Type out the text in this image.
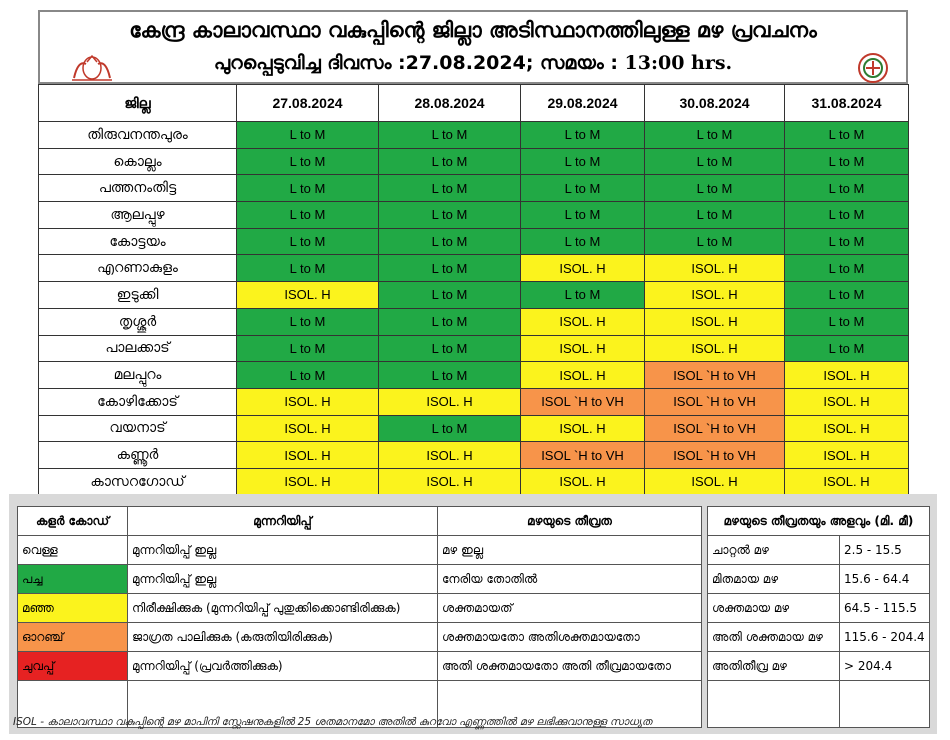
കേന്ദ്ര കാലാവസ്ഥാ വകുപ്പിന്റെ ജില്ലാ അടിസ്ഥാനത്തിലുള്ള മഴ പ്രവചനം
പുറപ്പെടുവിച്ച ദിവസം :27.08.2024; സമയം : 13:00 hrs.
ജില്ല	27.08.2024	28.08.2024	29.08.2024	30.08.2024	31.08.2024
തിരുവനന്തപുരം	L to M	L to M	L to M	L to M	L to M
കൊല്ലം	L to M	L to M	L to M	L to M	L to M
പത്തനംതിട്ട	L to M	L to M	L to M	L to M	L to M
ആലപ്പുഴ	L to M	L to M	L to M	L to M	L to M
കോട്ടയം	L to M	L to M	L to M	L to M	L to M
എറണാകുളം	L to M	L to M	ISOL. H	ISOL. H	L to M
ഇടുക്കി	ISOL. H	L to M	L to M	ISOL. H	L to M
തൃശ്ശൂർ	L to M	L to M	ISOL. H	ISOL. H	L to M
പാലക്കാട്	L to M	L to M	ISOL. H	ISOL. H	L to M
മലപ്പുറം	L to M	L to M	ISOL. H	ISOL `H to VH	ISOL. H
കോഴിക്കോട്	ISOL. H	ISOL. H	ISOL `H to VH	ISOL `H to VH	ISOL. H
വയനാട്	ISOL. H	L to M	ISOL. H	ISOL `H to VH	ISOL. H
കണ്ണൂർ	ISOL. H	ISOL. H	ISOL `H to VH	ISOL `H to VH	ISOL. H
കാസറഗോഡ്	ISOL. H	ISOL. H	ISOL. H	ISOL. H	ISOL. H
കളർ കോഡ്	മുന്നറിയിപ്പ്	മഴയുടെ തീവ്രത
വെള്ള	മുന്നറിയിപ്പ് ഇല്ല	മഴ ഇല്ല
പച്ച	മുന്നറിയിപ്പ് ഇല്ല	നേരിയ തോതിൽ
മഞ്ഞ	നിരീക്ഷിക്കുക (മുന്നറിയിപ്പ് പുതുക്കിക്കൊണ്ടിരിക്കുക)	ശക്തമായത്
ഓറഞ്ച്	ജാഗ്രത പാലിക്കുക (കരുതിയിരിക്കുക)	ശക്തമായതോ അതിശക്തമായതോ
ചുവപ്പ്	മുന്നറിയിപ്പ് (പ്രവർത്തിക്കുക)	അതി ശക്തമായതോ അതി തീവ്രമായതോ

മഴയുടെ തീവ്രതയും അളവും (മി. മീ)	
ചാറ്റൽ മഴ	2.5 - 15.5
മിതമായ മഴ	15.6 - 64.4
ശക്തമായ മഴ	64.5 - 115.5
അതി ശക്തമായ മഴ	115.6 - 204.4
അതിതീവ്ര മഴ	> 204.4

ISOL - കാലാവസ്ഥാ വകുപ്പിന്റെ മഴ മാപിനി സ്റ്റേഷനുകളിൽ 25 ശതമാനമോ അതിൽ കുറവോ എണ്ണത്തിൽ മഴ ലഭിക്കുവാനുള്ള സാധ്യത
